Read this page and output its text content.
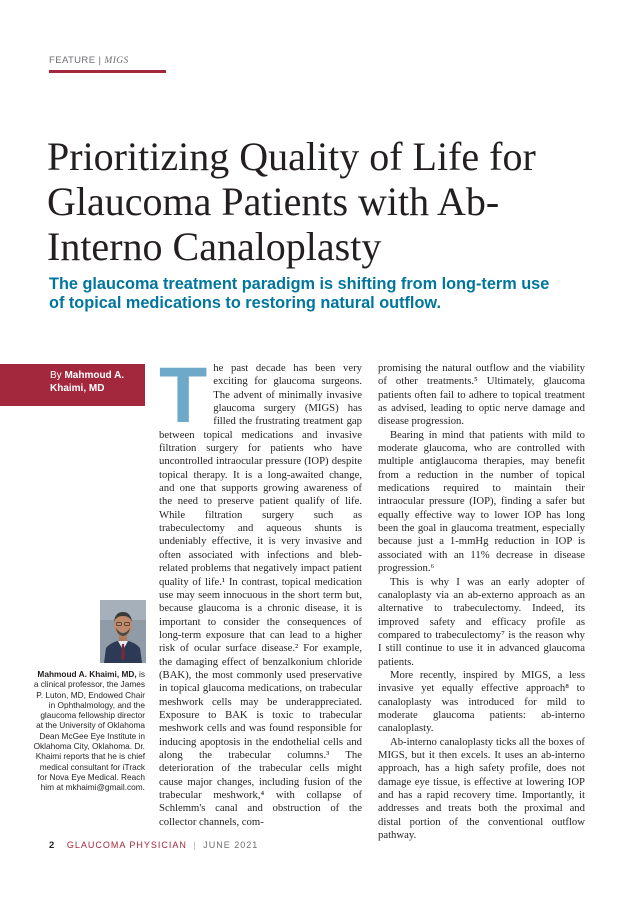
FEATURE | MIGS
Prioritizing Quality of Life for Glaucoma Patients with Ab-Interno Canaloplasty

The glaucoma treatment paradigm is shifting from long-term use of topical medications to restoring natural outflow.

By Mahmoud A. Khaimi, MD

Mahmoud A. Khaimi, MD, is a clinical professor, the James P. Luton, MD, Endowed Chair in Ophthalmology, and the glaucoma fellowship director at the University of Oklahoma Dean McGee Eye Institute in Oklahoma City, Oklahoma. Dr. Khaimi reports that he is chief medical consultant for iTrack for Nova Eye Medical. Reach him at mkhaimi@gmail.com.

The past decade has been very exciting for glaucoma surgeons. The advent of minimally invasive glaucoma surgery (MIGS) has filled the frustrating treatment gap between topical medications and invasive filtration surgery for patients who have uncontrolled intraocular pressure (IOP) despite topical therapy. It is a long-awaited change, and one that supports growing awareness of the need to preserve patient qualify of life. While filtration surgery such as trabeculectomy and aqueous shunts is undeniably effective, it is very invasive and often associated with infections and bleb-related problems that negatively impact patient quality of life.¹ In contrast, topical medication use may seem innocuous in the short term but, because glaucoma is a chronic disease, it is important to consider the consequences of long-term exposure that can lead to a higher risk of ocular surface disease.² For example, the damaging effect of benzalkonium chloride (BAK), the most commonly used preservative in topical glaucoma medications, on trabecular meshwork cells may be underappreciated. Exposure to BAK is toxic to trabecular meshwork cells and was found responsible for inducing apoptosis in the endothelial cells and along the trabecular columns.³ The deterioration of the trabecular cells might cause major changes, including fusion of the trabecular meshwork,⁴ with collapse of Schlemm's canal and obstruction of the collector channels, com-

promising the natural outflow and the viability of other treatments.⁵ Ultimately, glaucoma patients often fail to adhere to topical treatment as advised, leading to optic nerve damage and disease progression.

Bearing in mind that patients with mild to moderate glaucoma, who are controlled with multiple antiglaucoma therapies, may benefit from a reduction in the number of topical medications required to maintain their intraocular pressure (IOP), finding a safer but equally effective way to lower IOP has long been the goal in glaucoma treatment, especially because just a 1-mmHg reduction in IOP is associated with an 11% decrease in disease progression.⁶

This is why I was an early adopter of canaloplasty via an ab-externo approach as an alternative to trabeculectomy. Indeed, its improved safety and efficacy profile as compared to trabeculectomy⁷ is the reason why I still continue to use it in advanced glaucoma patients.

More recently, inspired by MIGS, a less invasive yet equally effective approach⁸ to canaloplasty was introduced for mild to moderate glaucoma patients: ab-interno canaloplasty.

Ab-interno canaloplasty ticks all the boxes of MIGS, but it then excels. It uses an ab-interno approach, has a high safety profile, does not damage eye tissue, is effective at lowering IOP and has a rapid recovery time. Importantly, it addresses and treats both the proximal and distal portion of the conventional outflow pathway.

2 GLAUCOMA PHYSICIAN | JUNE 2021
